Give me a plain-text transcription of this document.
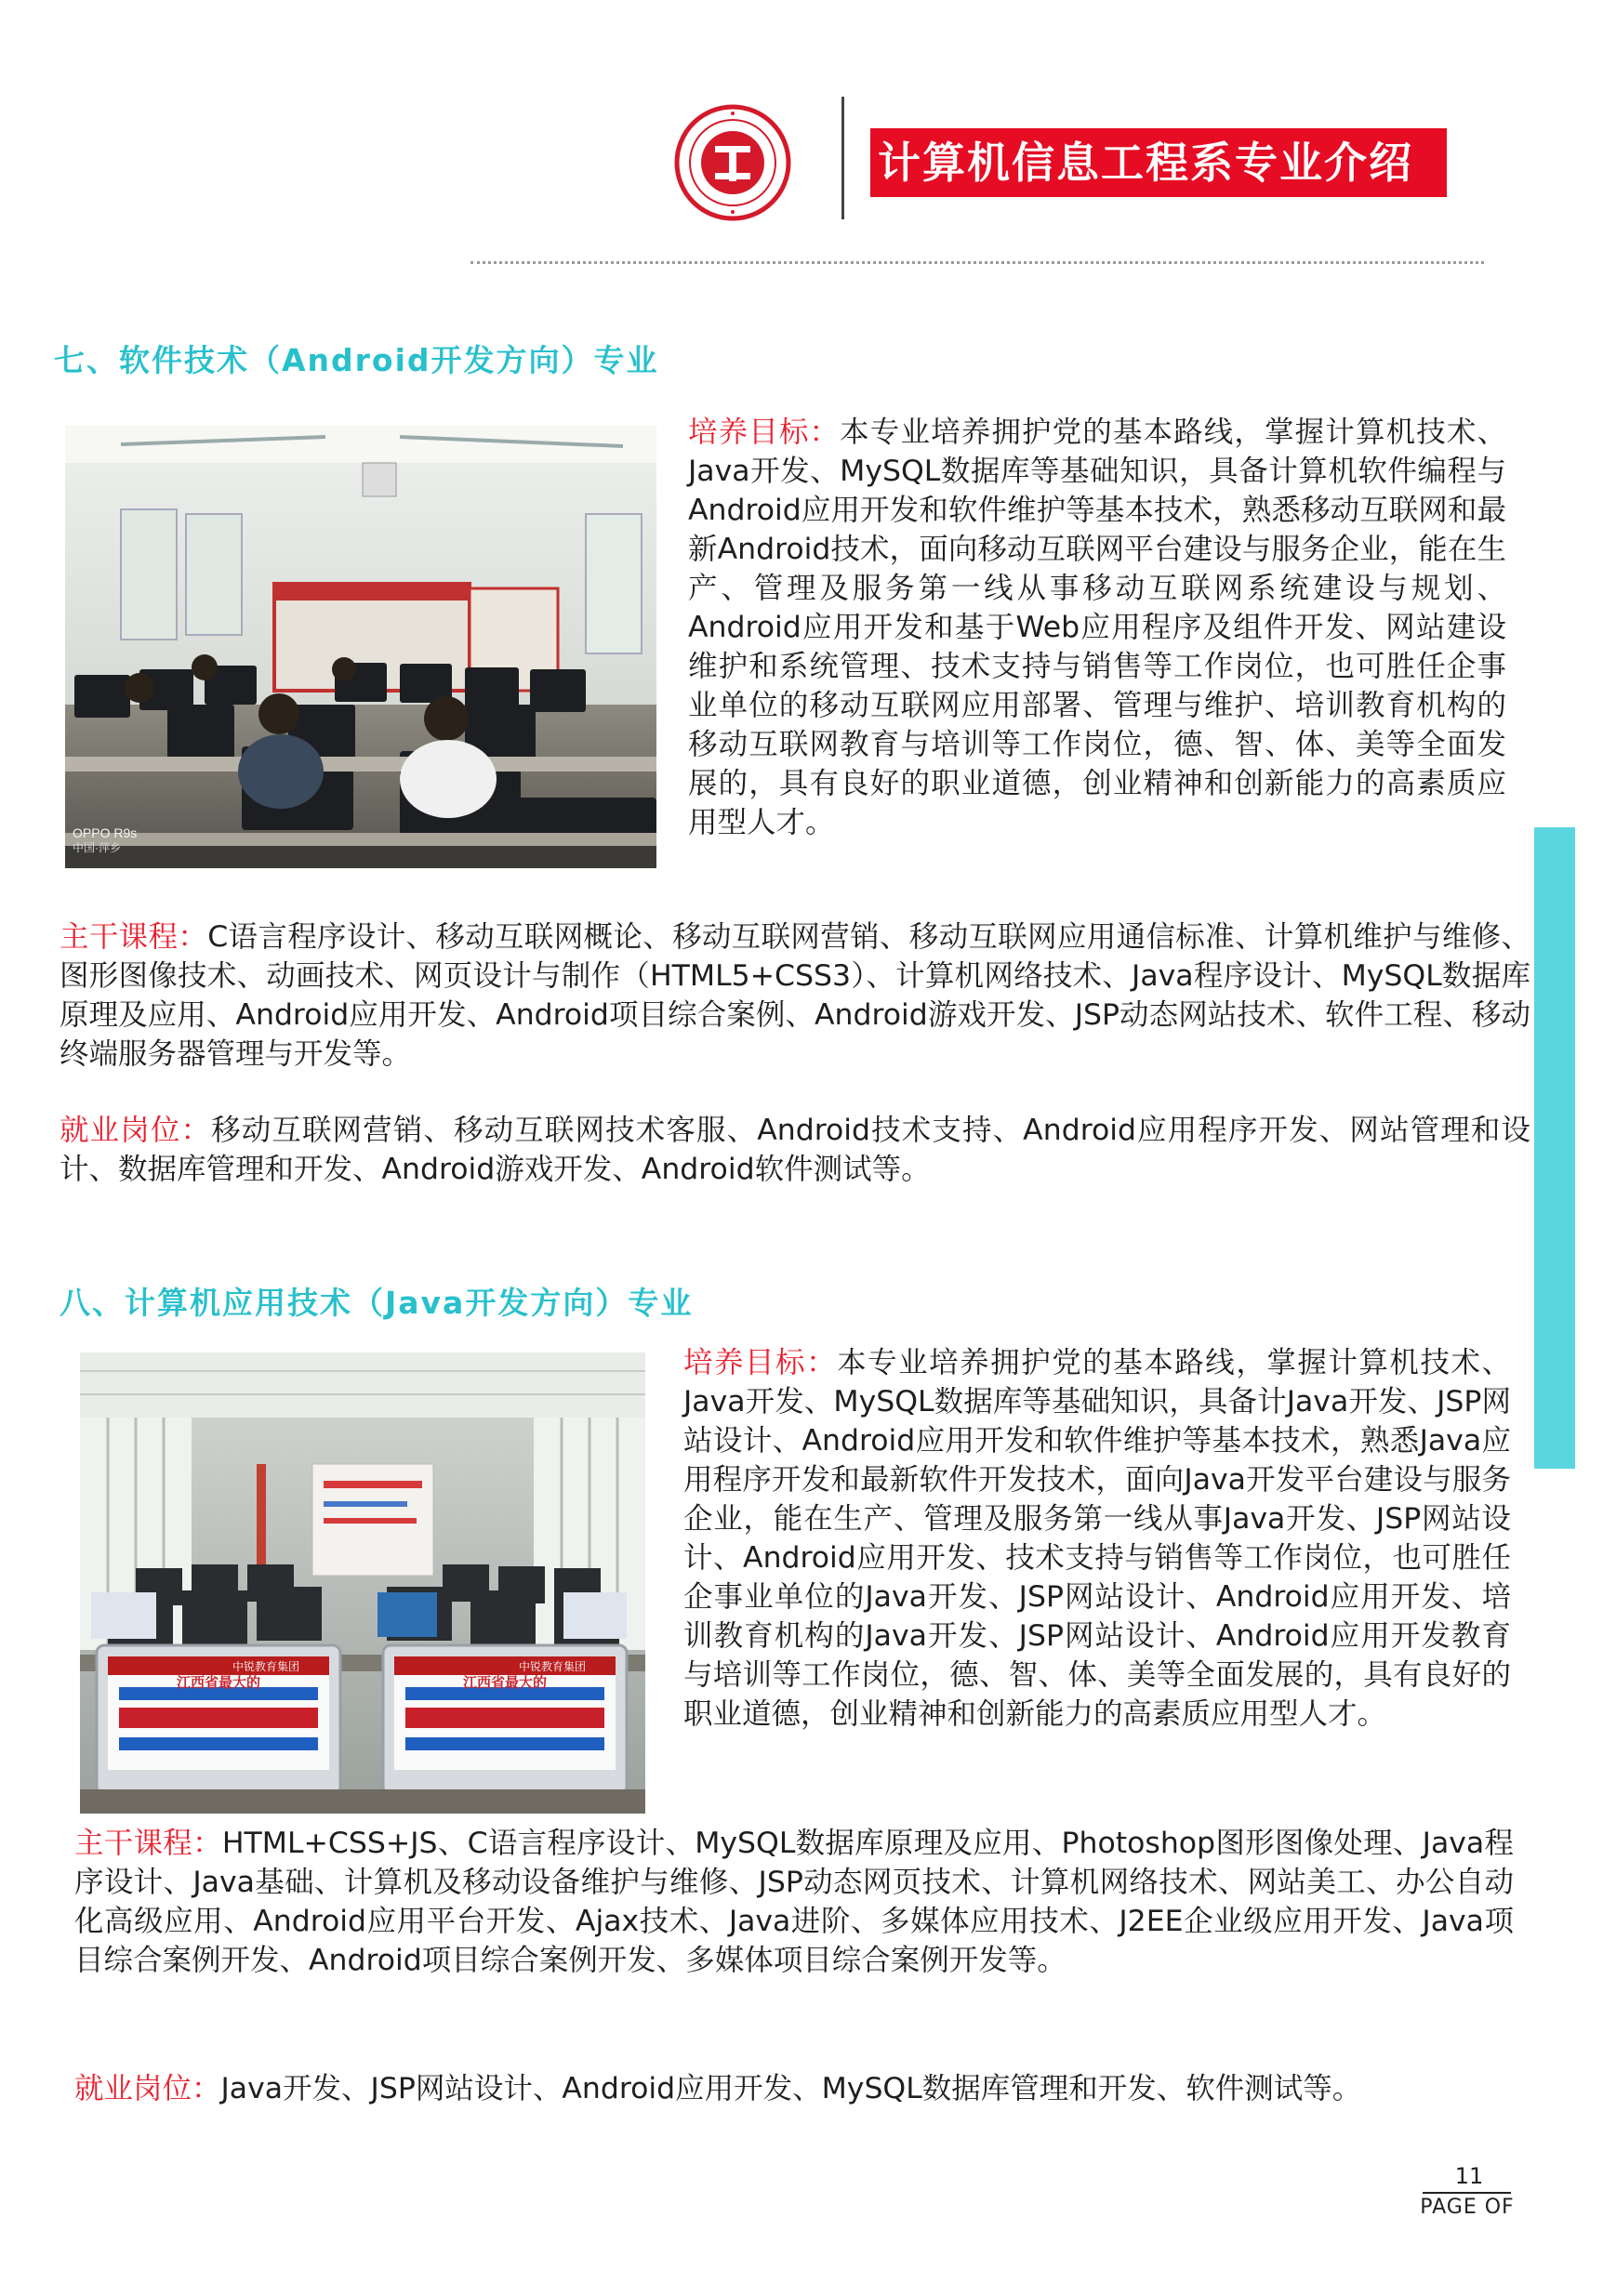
计算机信息工程系专业介绍
七、软件技术（Android开发方向）专业
OPPO R9s
中国·萍乡
培养目标：本专业培养拥护党的基本路线，掌握计算机技术、Java开发、MySQL数据库等基础知识，具备计算机软件编程与Android应用开发和软件维护等基本技术，熟悉移动互联网和最新Android技术，面向移动互联网平台建设与服务企业，能在生产、管理及服务第一线从事移动互联网系统建设与规划、Android应用开发和基于Web应用程序及组件开发、网站建设维护和系统管理、技术支持与销售等工作岗位，也可胜任企事业单位的移动互联网应用部署、管理与维护、培训教育机构的移动互联网教育与培训等工作岗位，德、智、体、美等全面发展的，具有良好的职业道德，创业精神和创新能力的高素质应用型人才。
主干课程：C语言程序设计、移动互联网概论、移动互联网营销、移动互联网应用通信标准、计算机维护与维修、图形图像技术、动画技术、网页设计与制作（HTML5+CSS3）、计算机网络技术、Java程序设计、MySQL数据库原理及应用、Android应用开发、Android项目综合案例、Android游戏开发、JSP动态网站技术、软件工程、移动终端服务器管理与开发等。
就业岗位：移动互联网营销、移动互联网技术客服、Android技术支持、Android应用程序开发、网站管理和设计、数据库管理和开发、Android游戏开发、Android软件测试等。
八、计算机应用技术（Java开发方向）专业
江西省最大的
中锐教育集团
江西省最大的
中锐教育集团
培养目标：本专业培养拥护党的基本路线，掌握计算机技术、Java开发、MySQL数据库等基础知识，具备计Java开发、JSP网站设计、Android应用开发和软件维护等基本技术，熟悉Java应用程序开发和最新软件开发技术，面向Java开发平台建设与服务企业，能在生产、管理及服务第一线从事Java开发、JSP网站设计、Android应用开发、技术支持与销售等工作岗位，也可胜任企事业单位的Java开发、JSP网站设计、Android应用开发、培训教育机构的Java开发、JSP网站设计、Android应用开发教育与培训等工作岗位，德、智、体、美等全面发展的，具有良好的职业道德，创业精神和创新能力的高素质应用型人才。
主干课程：HTML+CSS+JS、C语言程序设计、MySQL数据库原理及应用、Photoshop图形图像处理、Java程序设计、Java基础、计算机及移动设备维护与维修、JSP动态网页技术、计算机网络技术、网站美工、办公自动化高级应用、Android应用平台开发、Ajax技术、Java进阶、多媒体应用技术、J2EE企业级应用开发、Java项目综合案例开发、Android项目综合案例开发、多媒体项目综合案例开发等。
就业岗位：Java开发、JSP网站设计、Android应用开发、MySQL数据库管理和开发、软件测试等。
11
PAGE OF
